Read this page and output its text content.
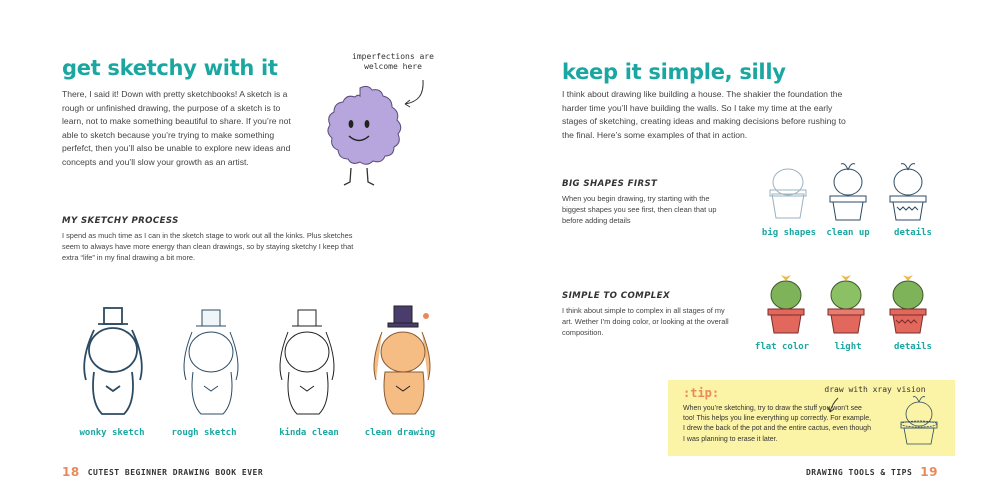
get sketchy with it

There, I said it! Down with pretty sketchbooks! A sketch is a rough or unfinished drawing, the purpose of a sketch is to learn, not to make something beautiful to share. If you’re not able to sketch because you’re trying to make something perfefct, then you’ll also be unable to explore new ideas and concepts and you’ll slow your growth as an artist.

imperfections are welcome here
MY SKETCHY PROCESS

I spend as much time as I can in the sketch stage to work out all the kinks. Plus sketches seem to always have more energy than clean drawings, so by staying sketchy I keep that extra “life” in my final drawing a bit more.

wonky sketch	rough sketch	kinda clean	clean drawing
18 CUTEST BEGINNER DRAWING BOOK EVER
keep it simple, silly

I think about drawing like building a house. The shakier the foundation the harder time you’ll have building the walls. So I take my time at the early stages of sketching, creating ideas and making decisions before rushing to the final. Here’s some examples of that in action.

BIG SHAPES FIRST

When you begin drawing, try starting with the biggest shapes you see first, then clean that up before adding details

big shapes	clean up	details
SIMPLE TO COMPLEX

I think about simple to complex in all stages of my art. Wether I’m doing color, or looking at the overall composition.

flat color	light	details
:tip:

When you’re sketching, try to draw the stuff you won’t see too! This helps you line everything up correctly. For example, I drew the back of the pot and the entire cactus, even though I was planning to erase it later.

draw with xray vision
DRAWING TOOLS & TIPS 19
